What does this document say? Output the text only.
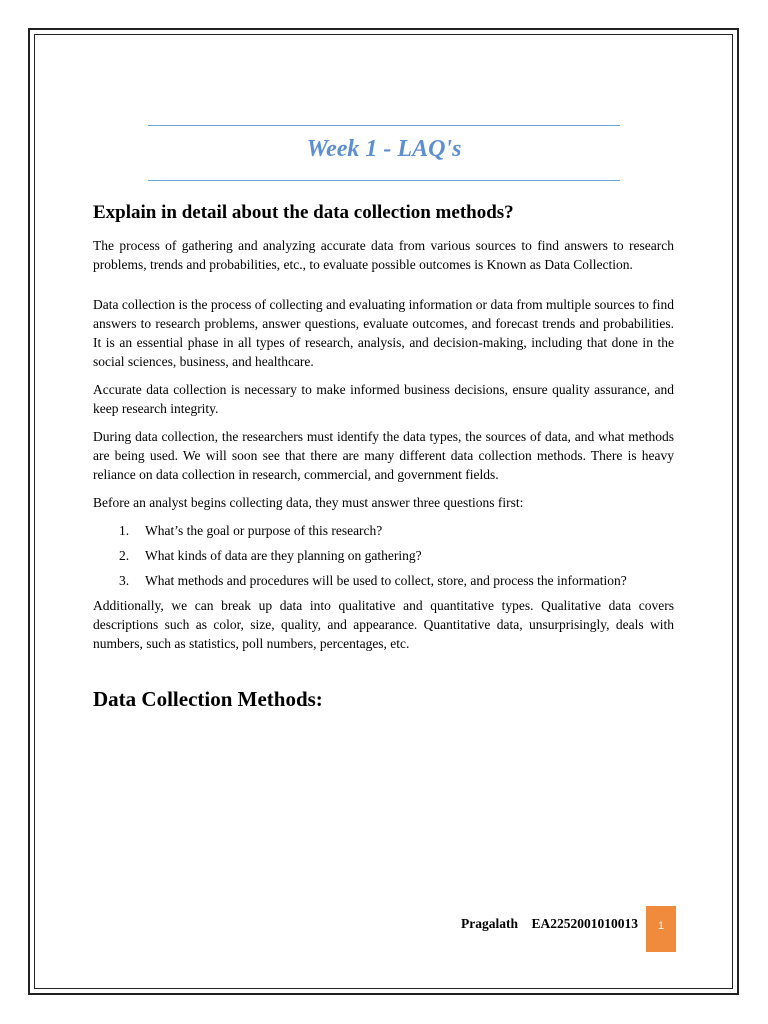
Week 1 - LAQ's
Explain in detail about the data collection methods?

The process of gathering and analyzing accurate data from various sources to find answers to research problems, trends and probabilities, etc., to evaluate possible outcomes is Known as Data Collection.

Data collection is the process of collecting and evaluating information or data from multiple sources to find answers to research problems, answer questions, evaluate outcomes, and forecast trends and probabilities. It is an essential phase in all types of research, analysis, and decision-making, including that done in the social sciences, business, and healthcare.

Accurate data collection is necessary to make informed business decisions, ensure quality assurance, and keep research integrity.

During data collection, the researchers must identify the data types, the sources of data, and what methods are being used. We will soon see that there are many different data collection methods. There is heavy reliance on data collection in research, commercial, and government fields.

Before an analyst begins collecting data, they must answer three questions first:

1. What’s the goal or purpose of this research?
2. What kinds of data are they planning on gathering?
3. What methods and procedures will be used to collect, store, and process the information?

Additionally, we can break up data into qualitative and quantitative types. Qualitative data covers descriptions such as color, size, quality, and appearance. Quantitative data, unsurprisingly, deals with numbers, such as statistics, poll numbers, percentages, etc.

Data Collection Methods:
Pragalath    EA2252001010013	1
